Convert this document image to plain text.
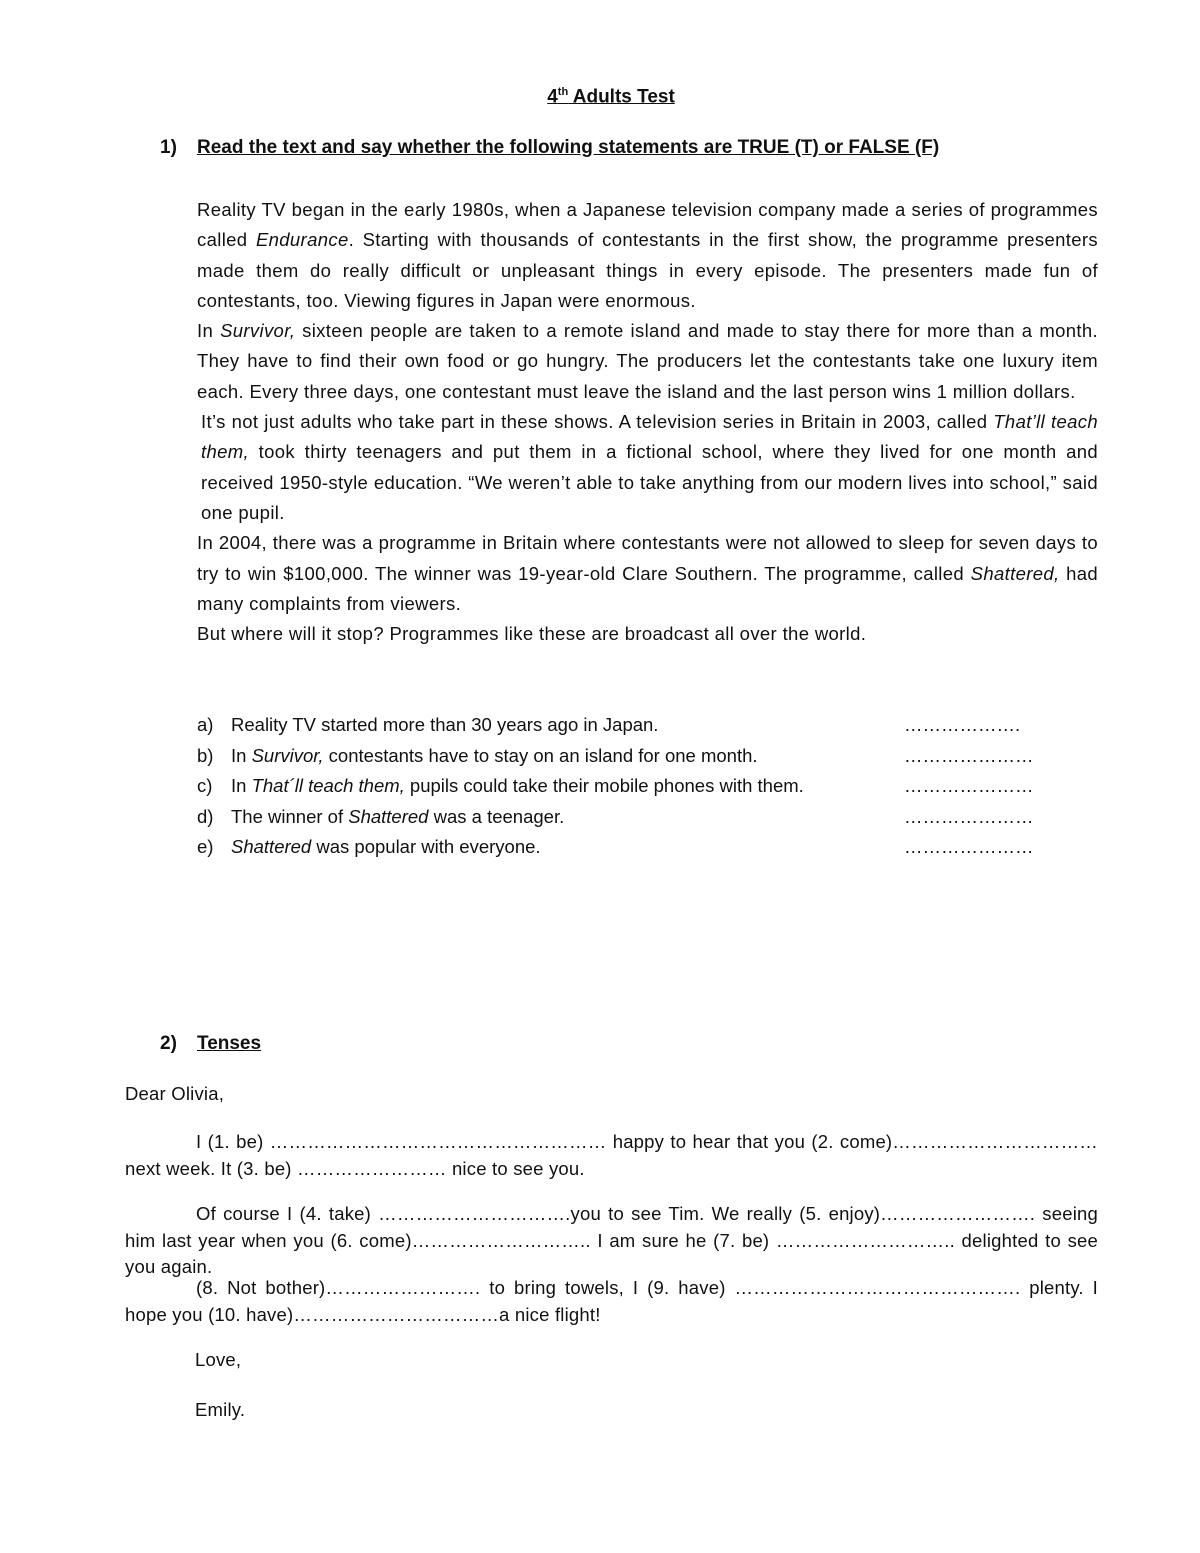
4th Adults Test
1) Read the text and say whether the following statements are TRUE (T) or FALSE (F)

Reality TV began in the early 1980s, when a Japanese television company made a series of programmes called Endurance. Starting with thousands of contestants in the first show, the programme presenters made them do really difficult or unpleasant things in every episode. The presenters made fun of contestants, too. Viewing figures in Japan were enormous.

In Survivor, sixteen people are taken to a remote island and made to stay there for more than a month. They have to find their own food or go hungry. The producers let the contestants take one luxury item each. Every three days, one contestant must leave the island and the last person wins 1 million dollars.

It’s not just adults who take part in these shows. A television series in Britain in 2003, called That’ll teach them, took thirty teenagers and put them in a fictional school, where they lived for one month and received 1950-style education. “We weren’t able to take anything from our modern lives into school,” said one pupil.

In 2004, there was a programme in Britain where contestants were not allowed to sleep for seven days to try to win $100,000. The winner was 19-year-old Clare Southern. The programme, called Shattered, had many complaints from viewers.

But where will it stop? Programmes like these are broadcast all over the world.

a) Reality TV started more than 30 years ago in Japan.	……………….
b) In Survivor, contestants have to stay on an island for one month.	…………………
c)	In That´ll teach them, pupils could take their mobile phones with them.	…………………
d) The winner of Shattered was a teenager.	…………………
e) Shattered was popular with everyone.	…………………
2) Tenses

Dear Olivia,

I (1. be) ……………………………………………… happy to hear that you (2. come)……………………………next week. It (3. be) …………………… nice to see you.

Of course I (4. take) ………………………….you to see Tim. We really (5. enjoy)……………………. seeing him last year when you (6. come)……………………….. I am sure he (7. be) ……………………….. delighted to see you again.

(8. Not bother)……………………. to bring towels, I (9. have) ………………………………………. plenty. I hope you (10. have)……………………………a nice flight!

Love,

Emily.
